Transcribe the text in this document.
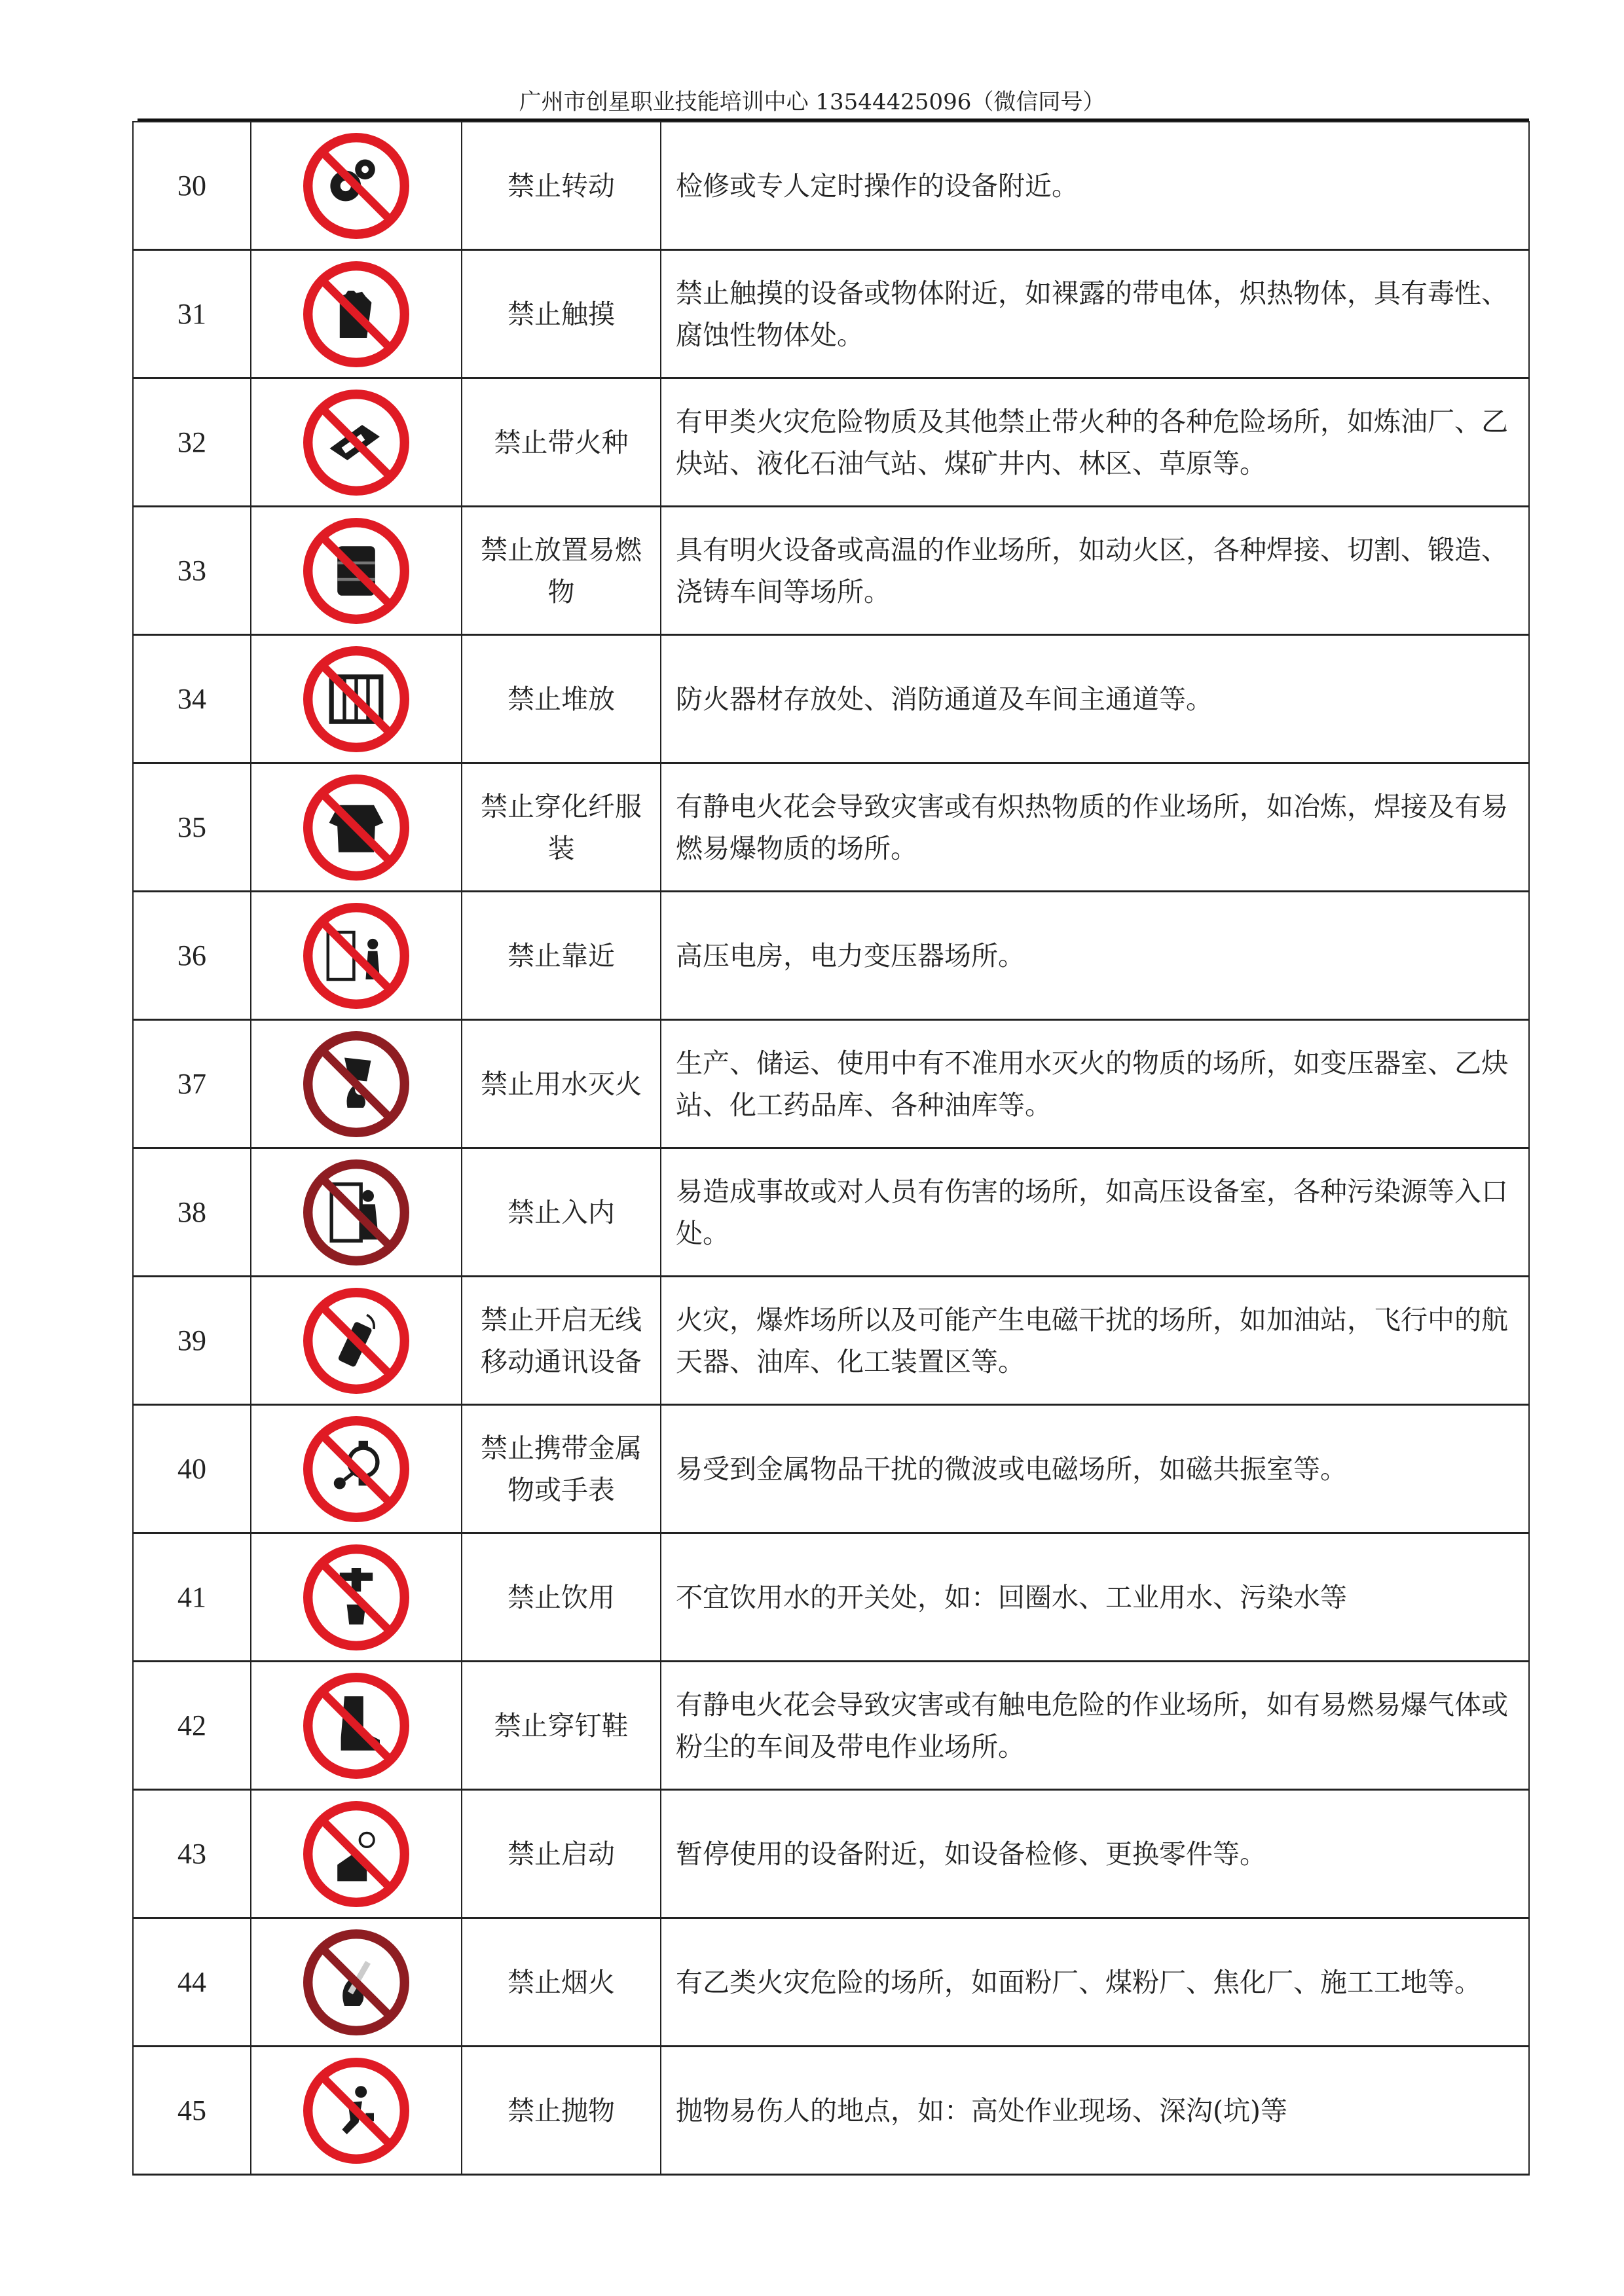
广州市创星职业技能培训中心 13544425096（微信同号）
30		禁止转动	检修或专人定时操作的设备附近。
31		禁止触摸	禁止触摸的设备或物体附近，如裸露的带电体，炽热物体，具有毒性、腐蚀性物体处。
32		禁止带火种	有甲类火灾危险物质及其他禁止带火种的各种危险场所，如炼油厂、乙炔站、液化石油气站、煤矿井内、林区、草原等。
33		禁止放置易燃物	具有明火设备或高温的作业场所，如动火区，各种焊接、切割、锻造、浇铸车间等场所。
34		禁止堆放	防火器材存放处、消防通道及车间主通道等。
35		禁止穿化纤服装	有静电火花会导致灾害或有炽热物质的作业场所，如冶炼，焊接及有易燃易爆物质的场所。
36		禁止靠近	高压电房，电力变压器场所。
37		禁止用水灭火	生产、储运、使用中有不准用水灭火的物质的场所，如变压器室、乙炔站、化工药品库、各种油库等。
38		禁止入内	易造成事故或对人员有伤害的场所，如高压设备室，各种污染源等入口处。
39		禁止开启无线移动通讯设备	火灾，爆炸场所以及可能产生电磁干扰的场所，如加油站，飞行中的航天器、油库、化工装置区等。
40		禁止携带金属物或手表	易受到金属物品干扰的微波或电磁场所，如磁共振室等。
41		禁止饮用	不宜饮用水的开关处，如：回圈水、工业用水、污染水等
42		禁止穿钉鞋	有静电火花会导致灾害或有触电危险的作业场所，如有易燃易爆气体或粉尘的车间及带电作业场所。
43		禁止启动	暂停使用的设备附近，如设备检修、更换零件等。
44		禁止烟火	有乙类火灾危险的场所，如面粉厂、煤粉厂、焦化厂、施工工地等。
45		禁止抛物	抛物易伤人的地点，如：高处作业现场、深沟(坑)等
